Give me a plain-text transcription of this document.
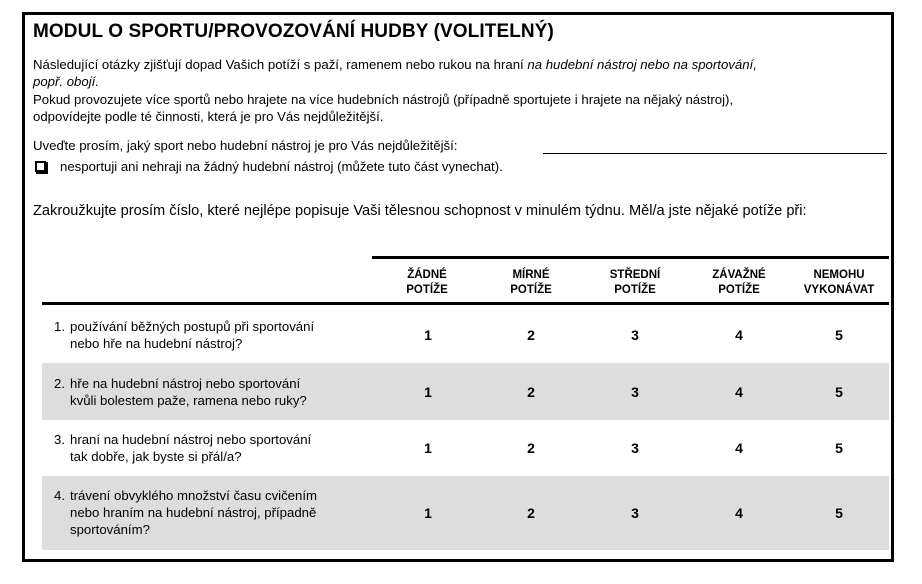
MODUL O SPORTU/PROVOZOVÁNÍ HUDBY (VOLITELNÝ)
Následující otázky zjišťují dopad Vašich potíží s paží, ramenem nebo rukou na hraní na hudební nástroj nebo na sportování,
popř. obojí.
Pokud provozujete více sportů nebo hrajete na více hudebních nástrojů (případně sportujete i hrajete na nějaký nástroj),
odpovídejte podle té činnosti, která je pro Vás nejdůležitější.
Uveďte prosím, jaký sport nebo hudební nástroj je pro Vás nejdůležitější:
nesportuji ani nehraji na žádný hudební nástroj (můžete tuto část vynechat).
Zakroužkujte prosím číslo, které nejlépe popisuje Vaši tělesnou schopnost v minulém týdnu. Měl/a jste nějaké potíže při:
ŽÁDNÉ
POTÍŽE
MÍRNÉ
POTÍŽE
STŘEDNÍ
POTÍŽE
ZÁVAŽNÉ
POTÍŽE
NEMOHU
VYKONÁVAT
1. používání běžných postupů při sportování
nebo hře na hudební nástroj?
1	2	3	4	5
2. hře na hudební nástroj nebo sportování
kvůli bolestem paže, ramena nebo ruky?
1	2	3	4	5
3. hraní na hudební nástroj nebo sportování
tak dobře, jak byste si přál/a?
1	2	3	4	5
4. trávení obvyklého množství času cvičením
nebo hraním na hudební nástroj, případně
sportováním?
1	2	3	4	5
